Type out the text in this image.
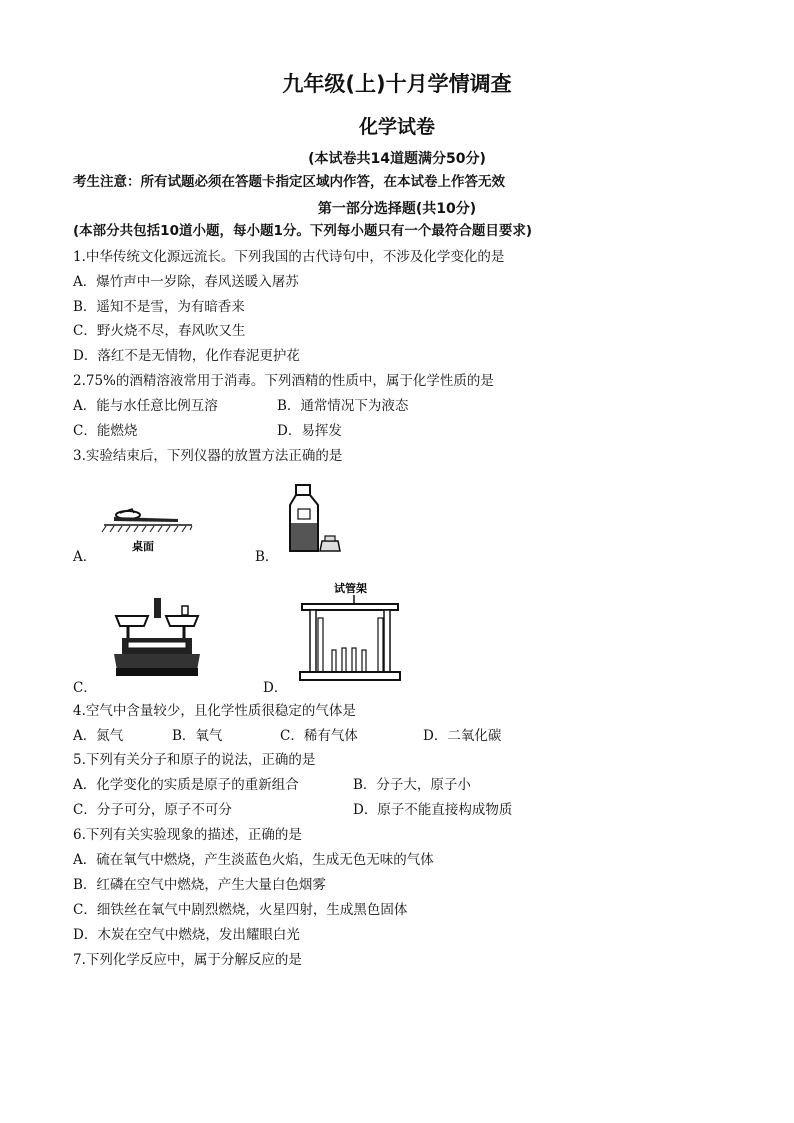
九年级(上)十月学情调查
化学试卷
(本试卷共14道题满分50分)
考生注意：所有试题必须在答题卡指定区域内作答，在本试卷上作答无效
第一部分选择题(共10分)
(本部分共包括10道小题，每小题1分。下列每小题只有一个最符合题目要求)
1.中华传统文化源远流长。下列我国的古代诗句中，不涉及化学变化的是
A．爆竹声中一岁除，春风送暖入屠苏
B．遥知不是雪，为有暗香来
C．野火烧不尽，春风吹又生
D．落红不是无情物，化作春泥更护花
2.75%的酒精溶液常用于消毒。下列酒精的性质中，属于化学性质的是
A．能与水任意比例互溶	B．通常情况下为液态
C．能燃烧	D．易挥发
3.实验结束后，下列仪器的放置方法正确的是
A．
桌面
B．
C．	D．
试管架
4.空气中含量较少，且化学性质很稳定的气体是
A．氮气	B．氧气	C．稀有气体	D．二氧化碳
5.下列有关分子和原子的说法，正确的是
A．化学变化的实质是原子的重新组合	B．分子大，原子小
C．分子可分，原子不可分	D．原子不能直接构成物质
6.下列有关实验现象的描述，正确的是
A．硫在氧气中燃烧，产生淡蓝色火焰，生成无色无味的气体
B．红磷在空气中燃烧，产生大量白色烟雾
C．细铁丝在氧气中剧烈燃烧，火星四射，生成黑色固体
D．木炭在空气中燃烧，发出耀眼白光
7.下列化学反应中，属于分解反应的是
